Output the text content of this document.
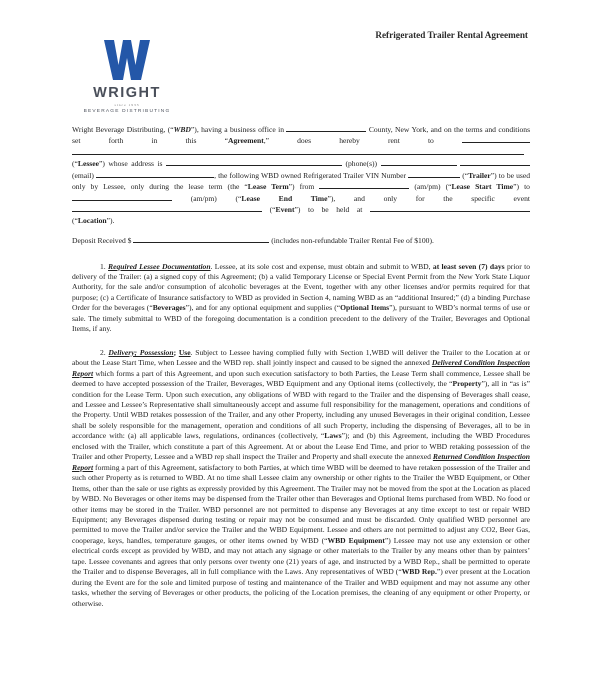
Refrigerated Trailer Rental Agreement
WRIGHT
since 1933
BEVERAGE DISTRIBUTING

Wright Beverage Distributing, (“WBD”), having a business office in	County, New York, and on the terms and conditions set forth in this “Agreement,” does hereby rent to   (“Lessee”) whose address is	(phone(s))   (email)	, the following WBD owned Refrigerated Trailer VIN Number	(“Trailer”) to be used only by Lessee, only during the lease term (the “Lease Term”) from	(am/pm) (“Lease Start Time”) to  (am/pm) (“Lease End Time”), and only for the specific event  (“Event”) to be held at  (“Location”).

Deposit Received $	(includes non-refundable Trailer Rental Fee of $100).

1. Required Lessee Documentation. Lessee, at its sole cost and expense, must obtain and submit to WBD, at least seven (7) days prior to delivery of the Trailer: (a) a signed copy of this Agreement; (b) a valid Temporary License or Special Event Permit from the New York State Liquor Authority, for the sale and/or consumption of alcoholic beverages at the Event, together with any other licenses and/or permits required for that purpose; (c) a Certificate of Insurance satisfactory to WBD as provided in Section 4, naming WBD as an “additional Insured;” (d) a binding Purchase Order for the beverages (“Beverages”), and for any optional equipment and supplies (“Optional Items”), pursuant to WBD’s normal terms of use or sale. The timely submittal to WBD of the foregoing documentation is a condition precedent to the delivery of the Trailer, Beverages and Optional Items, if any.

2. Delivery; Possession; Use. Subject to Lessee having complied fully with Section 1,WBD will deliver the Trailer to the Location at or about the Lease Start Time, when Lessee and the WBD rep. shall jointly inspect and caused to be signed the annexed Delivered Condition Inspection Report which forms a part of this Agreement, and upon such execution satisfactory to both Parties, the Lease Term shall commence, Lessee shall be deemed to have accepted possession of the Trailer, Beverages, WBD Equipment and any Optional items (collectively, the “Property”), all in “as is” condition for the Lease Term. Upon such execution, any obligations of WBD with regard to the Trailer and the dispensing of Beverages shall cease, and Lessee and Lessee’s Representative shall simultaneously accept and assume full responsibility for the management, operations and conditions of the Property. Until WBD retakes possession of the Trailer, and any other Property, including any unused Beverages in their original condition, Lessee shall be solely responsible for the management, operation and conditions of all such Property, including the dispensing of Beverages, all to be in accordance with: (a) all applicable laws, regulations, ordinances (collectively, “Laws”); and (b) this Agreement, including the WBD Procedures enclosed with the Trailer, which constitute a part of this Agreement. At or about the Lease End Time, and prior to WBD retaking possession of the Trailer and other Property, Lessee and a WBD rep shall inspect the Trailer and Property and shall execute the annexed Returned Condition Inspection Report forming a part of this Agreement, satisfactory to both Parties, at which time WBD will be deemed to have retaken possession of the Trailer and such other Property as is returned to WBD. At no time shall Lessee claim any ownership or other rights to the Trailer the WBD Equipment, or Other Items, other than the sale or use rights as expressly provided by this Agreement. The Trailer may not be moved from the spot at the Location as placed by WBD. No Beverages or other items may be dispensed from the Trailer other than Beverages and Optional Items purchased from WBD. No food or other items may be stored in the Trailer. WBD personnel are not permitted to dispense any Beverages at any time except to test or repair WBD Equipment; any Beverages dispensed during testing or repair may not be consumed and must be discarded. Only qualified WBD personnel are permitted to move the Trailer and/or service the Trailer and the WBD Equipment. Lessee and others are not permitted to adjust any CO2, Beer Gas, cooperage, keys, handles, temperature gauges, or other items owned by WBD (“WBD Equipment”) Lessee may not use any extension or other electrical cords except as provided by WBD, and may not attach any signage or other materials to the Trailer by any means other than by painters’ tape. Lessee covenants and agrees that only persons over twenty one (21) years of age, and instructed by a WBD Rep., shall be permitted to operate the Trailer and to dispense Beverages, all in full compliance with the Laws. Any representatives of WBD (“WBD Rep.”) ever present at the Location during the Event are for the sole and limited purpose of testing and maintenance of the Trailer and WBD equipment and may not assume any other tasks, whether the serving of Beverages or other products, the policing of the Location premises, the cleaning of any equipment or other Property, or otherwise.
